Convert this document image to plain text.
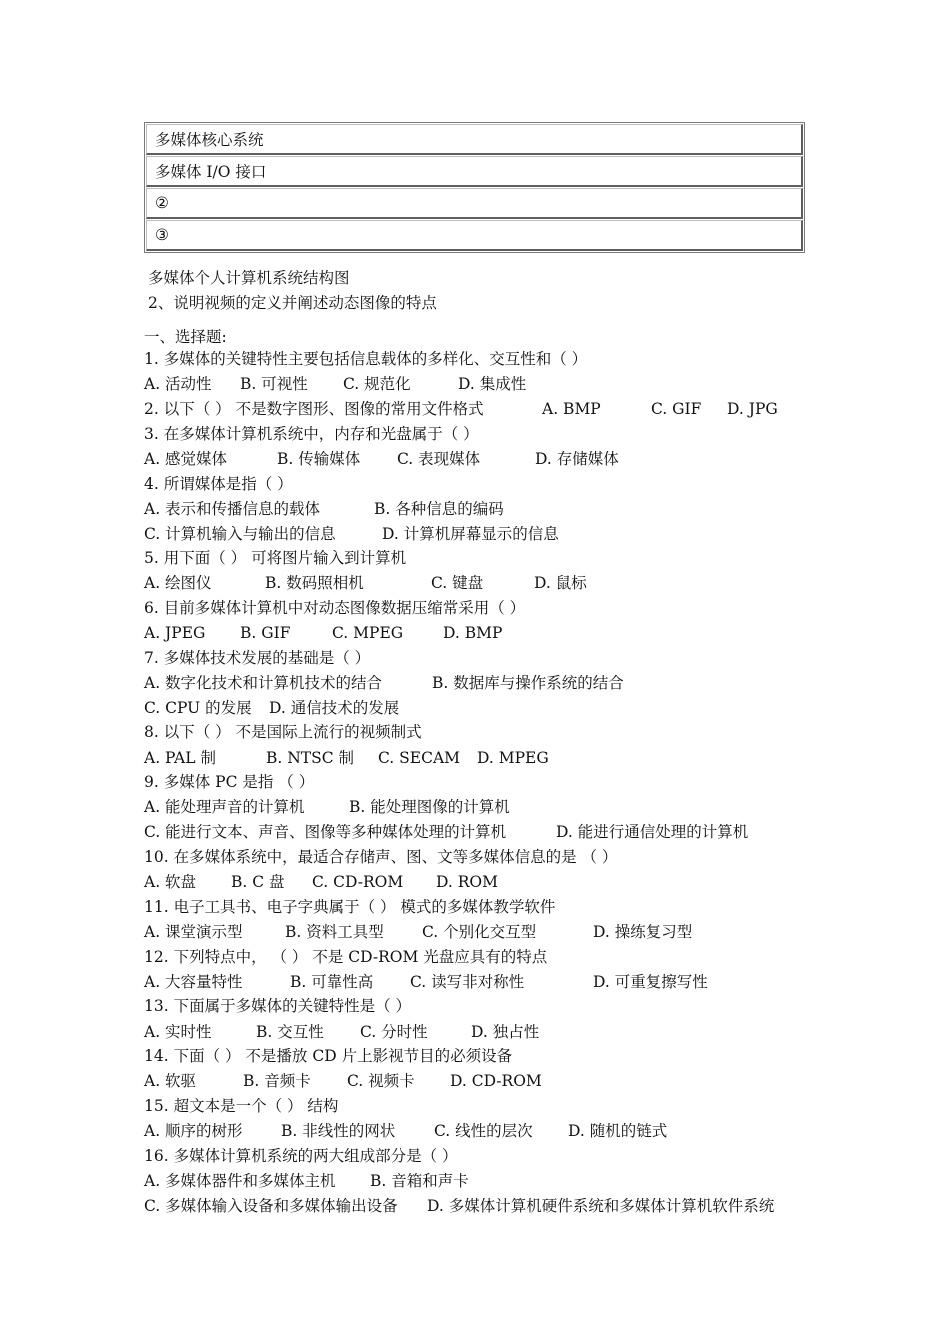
多媒体核心系统
多媒体 I/O 接口
②
③
多媒体个人计算机系统结构图
2、说明视频的定义并阐述动态图像的特点
一、选择题:
1. 多媒体的关键特性主要包括信息载体的多样化、交互性和（ ）
A. 活动性 B. 可视性 C. 规范化	D. 集成性
2. 以下（ ） 不是数字图形、图像的常用文件格式	A. BMP	C. GIF D. JPG
3. 在多媒体计算机系统中，内存和光盘属于（ ）
A. 感觉媒体	B. 传输媒体 C. 表现媒体	D. 存储媒体
4. 所谓媒体是指（ ）
A. 表示和传播信息的载体	B. 各种信息的编码
C. 计算机输入与输出的信息	D. 计算机屏幕显示的信息
5. 用下面（ ） 可将图片输入到计算机
A. 绘图仪	B. 数码照相机	C. 键盘	D. 鼠标
6. 目前多媒体计算机中对动态图像数据压缩常采用（ ）
A. JPEG B. GIF	C. MPEG	D. BMP
7. 多媒体技术发展的基础是（ ）
A. 数字化技术和计算机技术的结合	B. 数据库与操作系统的结合
C. CPU 的发展 D. 通信技术的发展
8. 以下（ ） 不是国际上流行的视频制式
A. PAL 制	B. NTSC 制 C. SECAM D. MPEG
9. 多媒体 PC 是指 （ ）
A. 能处理声音的计算机	B. 能处理图像的计算机
C. 能进行文本、声音、图像等多种媒体处理的计算机	D. 能进行通信处理的计算机
10. 在多媒体系统中，最适合存储声、图、文等多媒体信息的是 （ ）
A. 软盘 B. C 盘 C. CD-ROM D. ROM
11. 电子工具书、电子字典属于（ ） 模式的多媒体教学软件
A. 课堂演示型	B. 资料工具型 C. 个别化交互型	D. 操练复习型
12. 下列特点中， （ ） 不是 CD-ROM 光盘应具有的特点
A. 大容量特性	B. 可靠性高 C. 读写非对称性	D. 可重复擦写性
13. 下面属于多媒体的关键特性是（ ）
A. 实时性	B. 交互性 C. 分时性	D. 独占性
14. 下面（ ） 不是播放 CD 片上影视节目的必须设备
A. 软驱	B. 音频卡 C. 视频卡 D. CD-ROM
15. 超文本是一个（ ） 结构
A. 顺序的树形 B. 非线性的网状	C. 线性的层次 D. 随机的链式
16. 多媒体计算机系统的两大组成部分是（ ）
A. 多媒体器件和多媒体主机 B. 音箱和声卡
C. 多媒体输入设备和多媒体输出设备 D. 多媒体计算机硬件系统和多媒体计算机软件系统
